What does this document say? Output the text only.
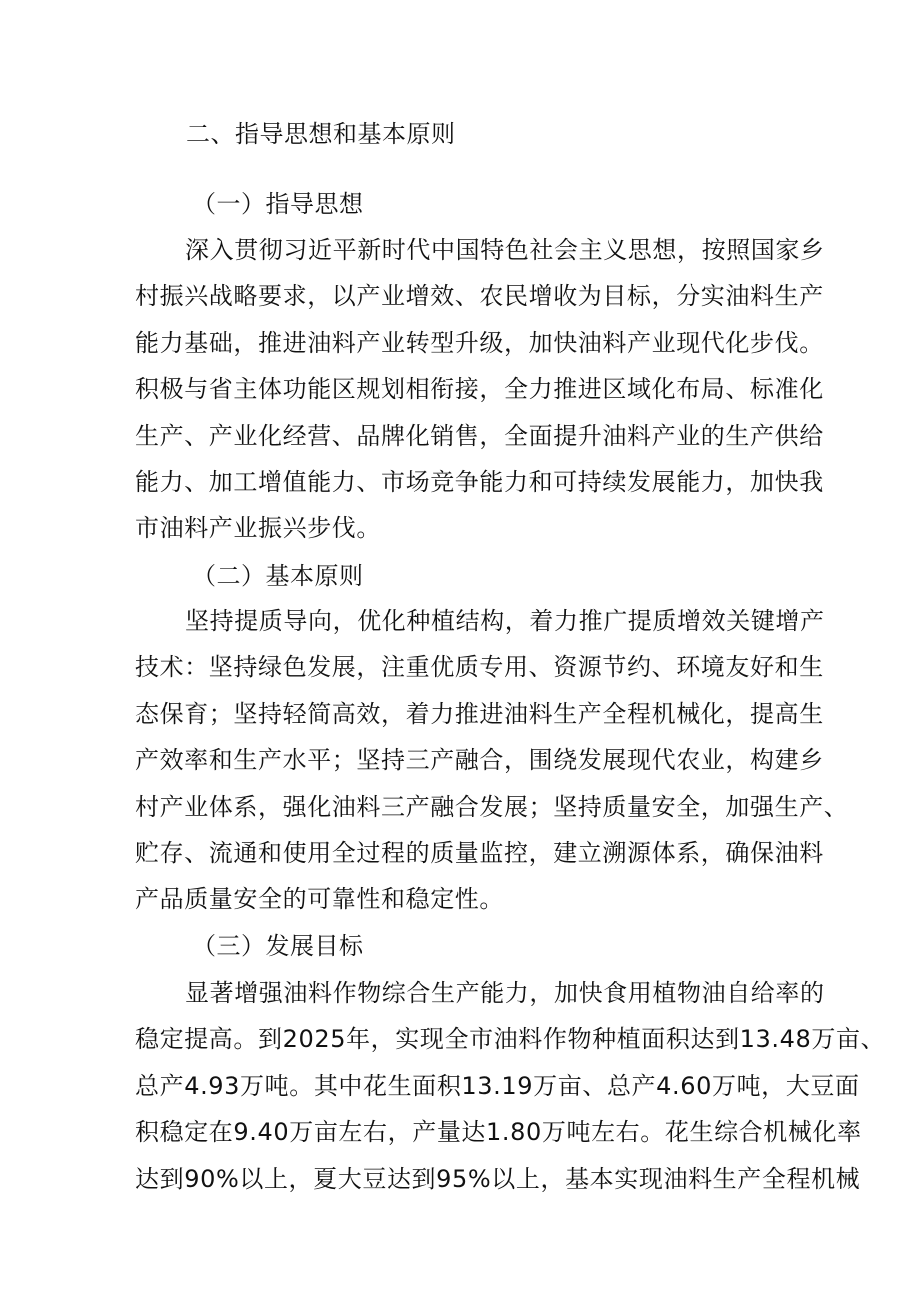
二、指导思想和基本原则
（一）指导思想
深入贯彻习近平新时代中国特色社会主义思想，按照国家乡
村振兴战略要求，以产业增效、农民增收为目标，分实油料生产
能力基础，推进油料产业转型升级，加快油料产业现代化步伐。
积极与省主体功能区规划相衔接，全力推进区域化布局、标准化
生产、产业化经营、品牌化销售，全面提升油料产业的生产供给
能力、加工增值能力、市场竞争能力和可持续发展能力，加快我
市油料产业振兴步伐。
（二）基本原则
坚持提质导向，优化种植结构，着力推广提质增效关键增产
技术：坚持绿色发展，注重优质专用、资源节约、环境友好和生
态保育；坚持轻简高效，着力推进油料生产全程机械化，提高生
产效率和生产水平；坚持三产融合，围绕发展现代农业，构建乡
村产业体系，强化油料三产融合发展；坚持质量安全，加强生产、
贮存、流通和使用全过程的质量监控，建立溯源体系，确保油料
产品质量安全的可靠性和稳定性。
（三）发展目标
显著增强油料作物综合生产能力，加快食用植物油自给率的
稳定提高。到2025年，实现全市油料作物种植面积达到13.48万亩、
总产4.93万吨。其中花生面积13.19万亩、总产4.60万吨，大豆面
积稳定在9.40万亩左右，产量达1.80万吨左右。花生综合机械化率
达到90%以上，夏大豆达到95%以上，基本实现油料生产全程机械
